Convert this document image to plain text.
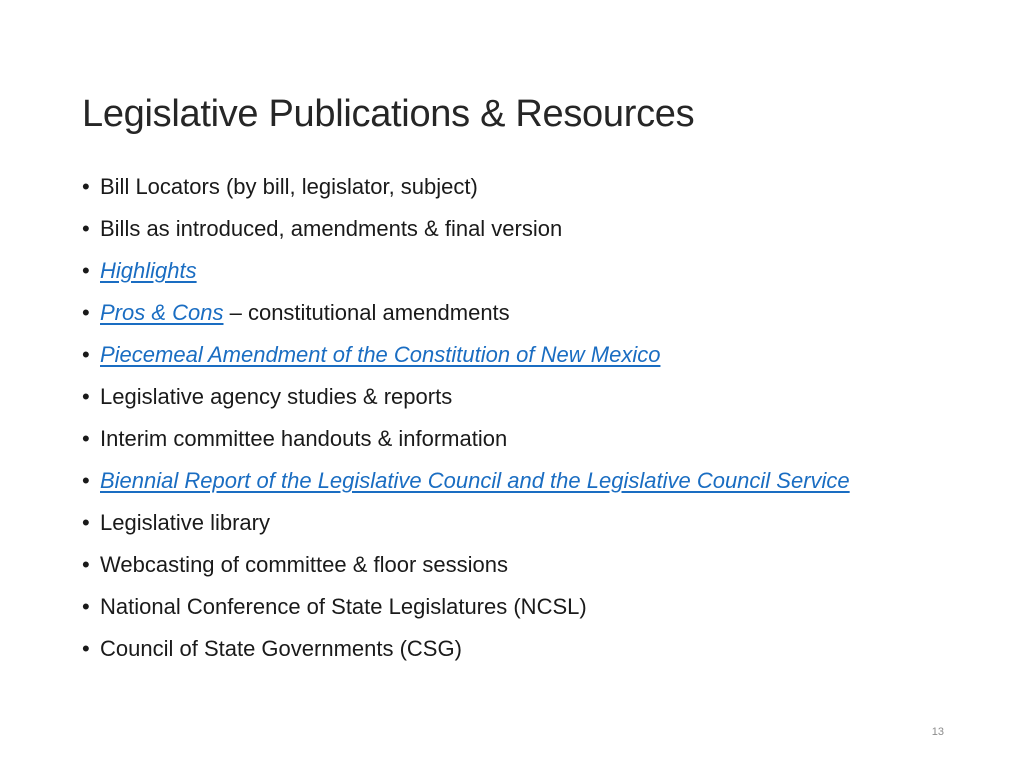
Legislative Publications & Resources
• Bill Locators (by bill, legislator, subject)
• Bills as introduced, amendments & final version
• Highlights
• Pros & Cons – constitutional amendments
• Piecemeal Amendment of the Constitution of New Mexico
• Legislative agency studies & reports
• Interim committee handouts & information
• Biennial Report of the Legislative Council and the Legislative Council Service
• Legislative library
• Webcasting of committee & floor sessions
• National Conference of State Legislatures (NCSL)
• Council of State Governments (CSG)
13
